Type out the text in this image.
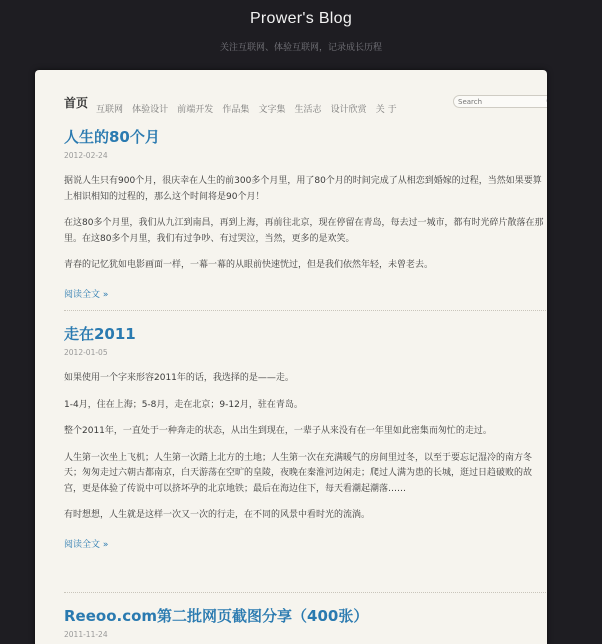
Prower's Blog
关注互联网、体验互联网，记录成长历程
首页 互联网 体验设计 前端开发 作品集 文字集 生活志 设计欣赏 关 于
Search
人生的80个月
2012-02-24

据说人生只有900个月，很庆幸在人生的前300多个月里，用了80个月的时间完成了从相恋到婚嫁的过程，当然如果要算上相识相知的过程的，那么这个时间将是90个月！

在这80多个月里，我们从九江到南昌，再到上海，再前往北京，现在停留在青岛，每去过一城市，都有时光碎片散落在那里。在这80多个月里，我们有过争吵、有过哭泣，当然，更多的是欢笑。

青春的记忆犹如电影画面一样，一幕一幕的从眼前快速恍过，但是我们依然年轻，未曾老去。

阅读全文 »
走在2011
2012-01-05

如果使用一个字来形容2011年的话，我选择的是——走。

1-4月，住在上海；5-8月，走在北京；9-12月，驻在青岛。

整个2011年，一直处于一种奔走的状态，从出生到现在，一辈子从来没有在一年里如此密集而匆忙的走过。

人生第一次坐上飞机；人生第一次踏上北方的土地；人生第一次在充满暖气的房间里过冬，以至于要忘记湿冷的南方冬天；匆匆走过六朝古都南京，白天游荡在空旷的皇陵，夜晚在秦淮河边闲走；爬过人满为患的长城，逛过日趋破败的故宫，更是体验了传说中可以挤坏孕的北京地铁；最后在海边住下，每天看潮起潮落……

有时想想，人生就是这样一次又一次的行走，在不同的风景中看时光的流淌。

阅读全文 »
Reeoo.com第二批网页截图分享（400张）
2011-11-24
